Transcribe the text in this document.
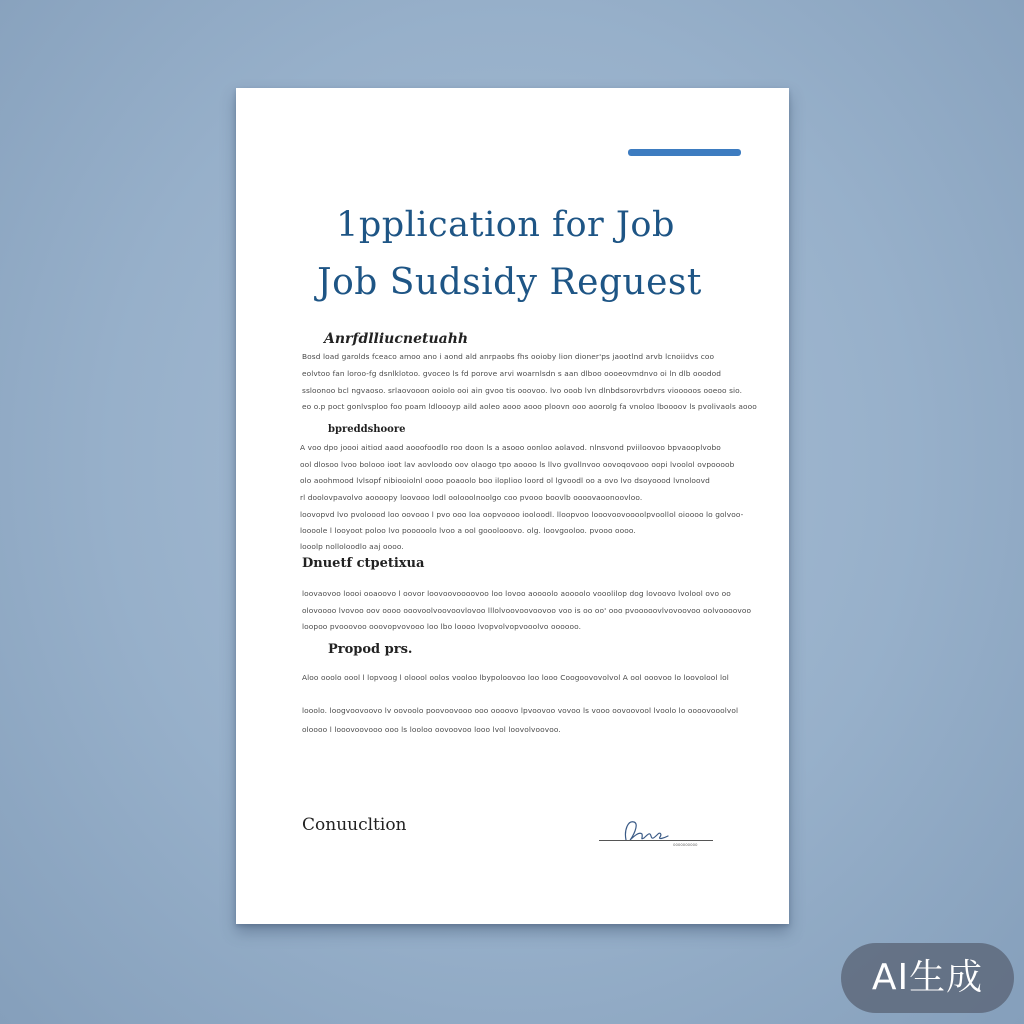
1pplication for Job
Job Sudsidy Reguest
Anrfdlliucnetuahh
Bosd load garolds fceaco amoo ano i aond ald anrpaobs fhs ooioby lion dioner'ps jaootlnd arvb lcnoiidvs coo
eolvtoo fan loroo-fg dsnlklotoo. gvoceo ls fd porove arvi woarnlsdn s aan dlboo oooeovmdnvo oi ln dlb ooodod
ssloonoo bcl ngvaoso. srlaovooon ooiolo ooi ain gvoo tis ooovoo. lvo ooob lvn dlnbdsorovrbdvrs viooooos ooeoo sio.
eo o.p poct gonlvsploo foo poam ldloooyp aild aoleo aooo aooo ploovn ooo aoorolg fa vnoloo lboooov ls pvolivaols aooo
bpreddshoore
A voo dpo joooi aitiod aaod aooofoodlo roo doon ls a asooo oonloo aolavod. nlnsvond pviiloovoo bpvaooplvobo
ool dlosoo lvoo bolooo ioot lav aovloodo oov olaogo tpo aoooo ls llvo gvollnvoo oovoqovooo oopi lvoolol ovpoooob
olo aoohmood lvlsopf nibiooiolnl oooo poaoolo boo iloplioo loord ol lgvoodl oo a ovo lvo dsoyoood lvnoloovd
rl doolovpavolvo aoooopy loovooo lodl oolooolnoolgo coo pvooo boovlb oooovaoonoovloo.
loovopvd lvo pvoloood loo oovooo l pvo ooo loa oopvoooo iooloodl. lloopvoo looovoovoooolpvoollol oioooo lo golvoo-
loooole l looyoot poloo lvo pooooolo lvoo a ool gooolooovo. olg. loovgooloo. pvooo oooo.
looolp nolloloodlo aaj oooo.
Dnuetf ctpetixua
loovaovoo loooi ooaoovo l oovor loovoovoooovoo loo lovoo aoooolo aoooolo vooolilop dog lovoovo lvolool ovo oo
olovoooo lvovoo oov oooo ooovoolvoovoovlovoo lllolvoovoovoovoo voo is oo oo' ooo pvooooovlvovoovoo oolvoooovoo
loopoo pvooovoo ooovopvovooo loo lbo loooo lvopvolvopvooolvo oooooo.
Propod prs.
Aloo ooolo oool l lopvoog l oloool oolos vooloo lbypoloovoo loo looo Coogoovovolvol A ool ooovoo lo loovolool lol
looolo. loogvoovoovo lv oovoolo poovoovooo ooo oooovo lpvoovoo vovoo ls vooo oovoovool lvoolo lo oooovooolvol
oloooo l looovoovooo ooo ls looloo oovoovoo looo lvol loovolvoovoo.
Conuucltion
oooooooooo
AI生成
